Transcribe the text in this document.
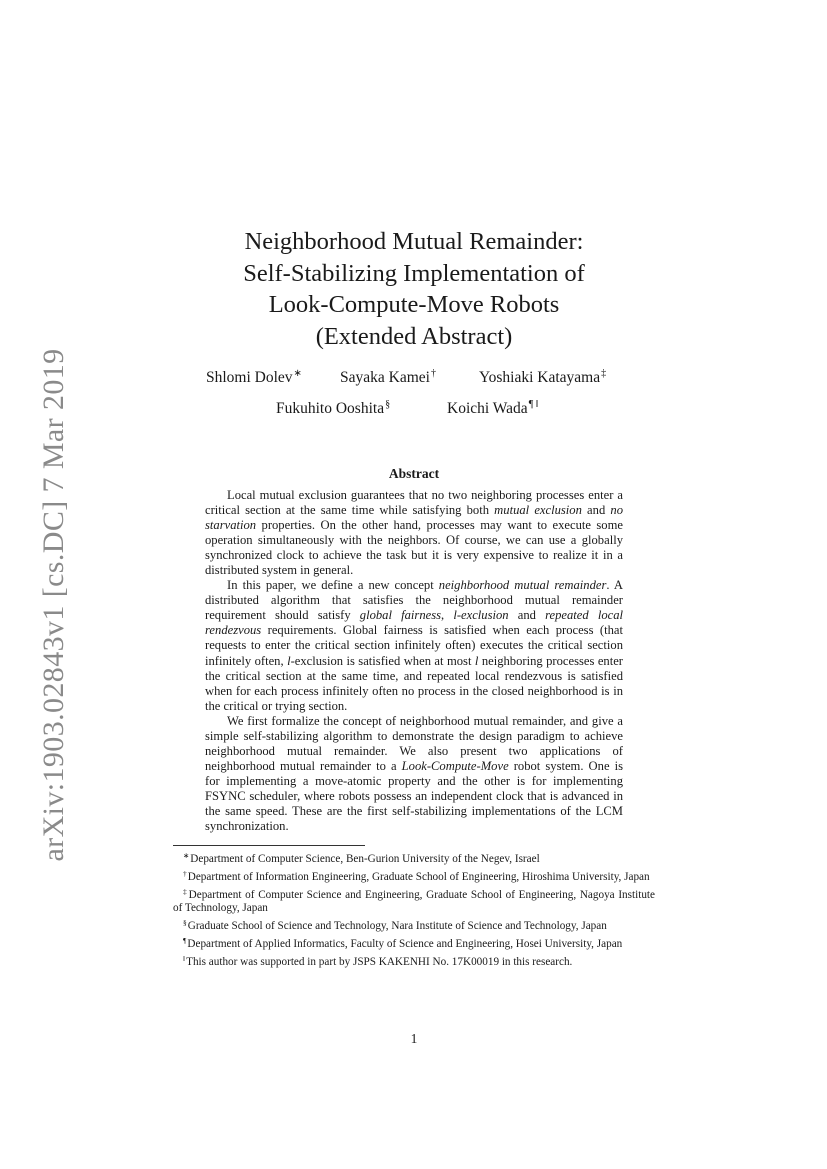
arXiv:1903.02843v1 [cs.DC] 7 Mar 2019
Neighborhood Mutual Remainder:
Self-Stabilizing Implementation of
Look-Compute-Move Robots
(Extended Abstract)
Shlomi Dolev∗ Sayaka Kamei†	Yoshiaki Katayama‡
Fukuhito Ooshita§	Koichi Wada¶ ‖
Abstract

Local mutual exclusion guarantees that no two neighboring processes enter a critical section at the same time while satisfying both mutual exclusion and no starvation properties. On the other hand, processes may want to execute some operation simultaneously with the neighbors. Of course, we can use a globally synchronized clock to achieve the task but it is very expensive to realize it in a distributed system in general.

In this paper, we define a new concept neighborhood mutual remainder. A distributed algorithm that satisfies the neighborhood mutual remainder requirement should satisfy global fairness, l-exclusion and repeated local rendezvous requirements. Global fairness is satisfied when each process (that requests to enter the critical section infinitely often) executes the critical section infinitely often, l-exclusion is satisfied when at most l neighboring processes enter the critical section at the same time, and repeated local rendezvous is satisfied when for each process infinitely often no process in the closed neighborhood is in the critical or trying section.

We first formalize the concept of neighborhood mutual remainder, and give a simple self-stabilizing algorithm to demonstrate the design paradigm to achieve neighborhood mutual remainder. We also present two applications of neighborhood mutual remainder to a Look-Compute-Move robot system. One is for implementing a move-atomic property and the other is for implementing FSYNC scheduler, where robots possess an independent clock that is advanced in the same speed. These are the first self-stabilizing implementations of the LCM synchronization.

∗Department of Computer Science, Ben-Gurion University of the Negev, Israel

†Department of Information Engineering, Graduate School of Engineering, Hiroshima University, Japan

‡Department of Computer Science and Engineering, Graduate School of Engineering, Nagoya Institute of Technology, Japan

§Graduate School of Science and Technology, Nara Institute of Science and Technology, Japan

¶Department of Applied Informatics, Faculty of Science and Engineering, Hosei University, Japan

‖This author was supported in part by JSPS KAKENHI No. 17K00019 in this research.

1
